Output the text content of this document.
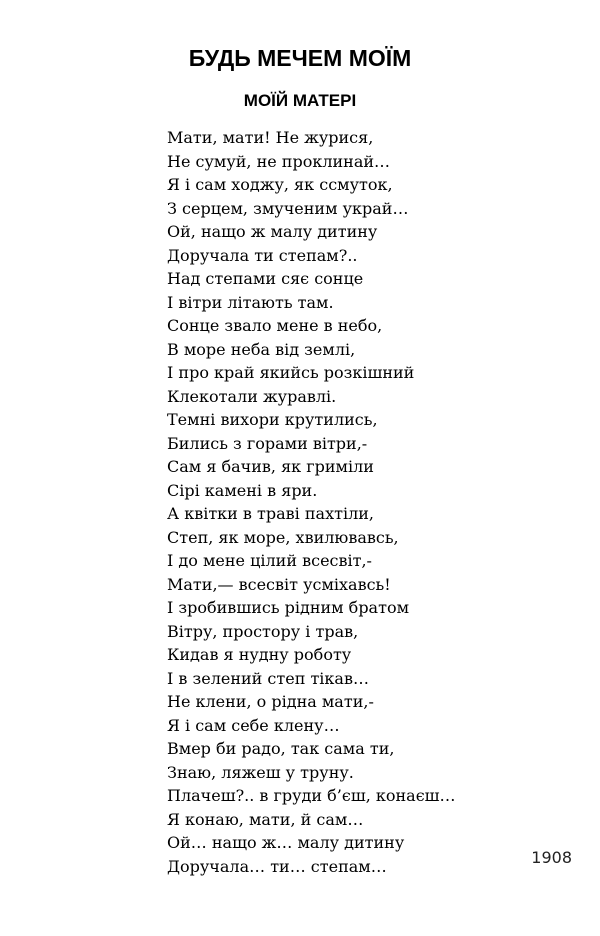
БУДЬ МЕЧЕМ МОЇМ
МОЇЙ МАТЕРІ
Мати, мати! Не журися,
Не сумуй, не проклинай…
Я і сам ходжу, як ссмуток,
З серцем, змученим украй…
Ой, нащо ж малу дитину
Доручала ти степам?..
Над степами сяє сонце
І вітри літають там.
Сонце звало мене в небо,
В море неба від землі,
І про край якийсь розкішний
Клекотали журавлі.
Темні вихори крутились,
Бились з горами вітри,-
Сам я бачив, як гриміли
Сірі камені в яри.
А квітки в траві пахтіли,
Степ, як море, хвилювавсь,
І до мене цілий всесвіт,-
Мати,— всесвіт усміхавсь!
І зробившись рідним братом
Вітру, простору і трав,
Кидав я нудну роботу
І в зелений степ тікав…
Не клени, о рідна мати,-
Я і сам себе клену…
Вмер би радо, так сама ти,
Знаю, ляжеш у труну.
Плачеш?.. в груди б’єш, конаєш…
Я конаю, мати, й сам…
Ой… нащо ж… малу дитину
Доручала… ти… степам…	1908
